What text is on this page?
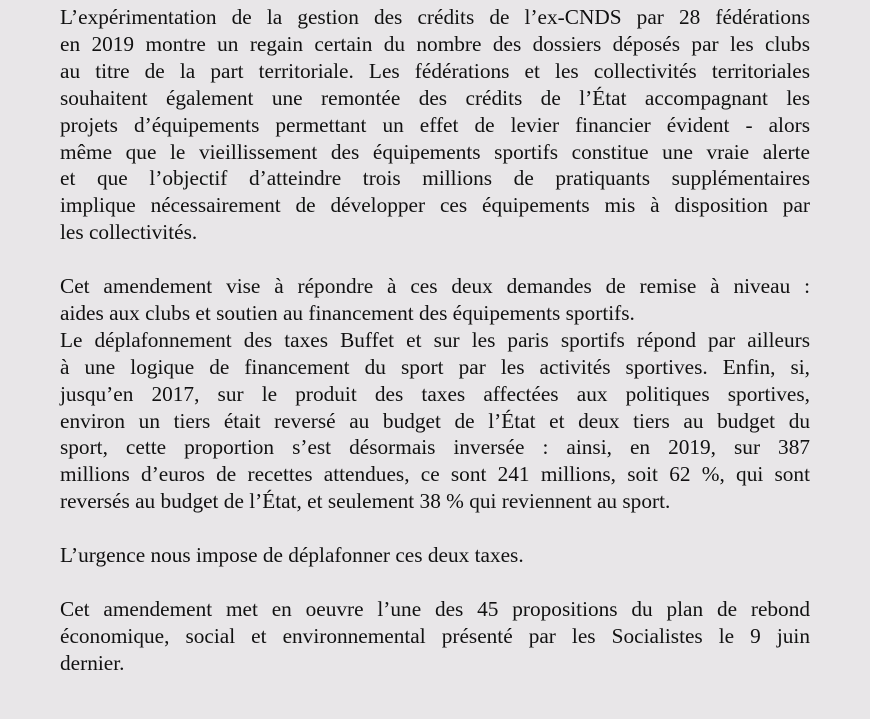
L’expérimentation de la gestion des crédits de l’ex-CNDS par 28 fédérations
en 2019 montre un regain certain du nombre des dossiers déposés par les clubs
au titre de la part territoriale. Les fédérations et les collectivités territoriales
souhaitent également une remontée des crédits de l’État accompagnant les
projets d’équipements permettant un effet de levier financier évident - alors
même que le vieillissement des équipements sportifs constitue une vraie alerte
et que l’objectif d’atteindre trois millions de pratiquants supplémentaires
implique nécessairement de développer ces équipements mis à disposition par
les collectivités.
Cet amendement vise à répondre à ces deux demandes de remise à niveau :
aides aux clubs et soutien au financement des équipements sportifs.
Le déplafonnement des taxes Buffet et sur les paris sportifs répond par ailleurs
à une logique de financement du sport par les activités sportives. Enfin, si,
jusqu’en 2017, sur le produit des taxes affectées aux politiques sportives,
environ un tiers était reversé au budget de l’État et deux tiers au budget du
sport, cette proportion s’est désormais inversée : ainsi, en 2019, sur 387
millions d’euros de recettes attendues, ce sont 241 millions, soit 62 %, qui sont
reversés au budget de l’État, et seulement 38 % qui reviennent au sport.
L’urgence nous impose de déplafonner ces deux taxes.
Cet amendement met en oeuvre l’une des 45 propositions du plan de rebond
économique, social et environnemental présenté par les Socialistes le 9 juin
dernier.
